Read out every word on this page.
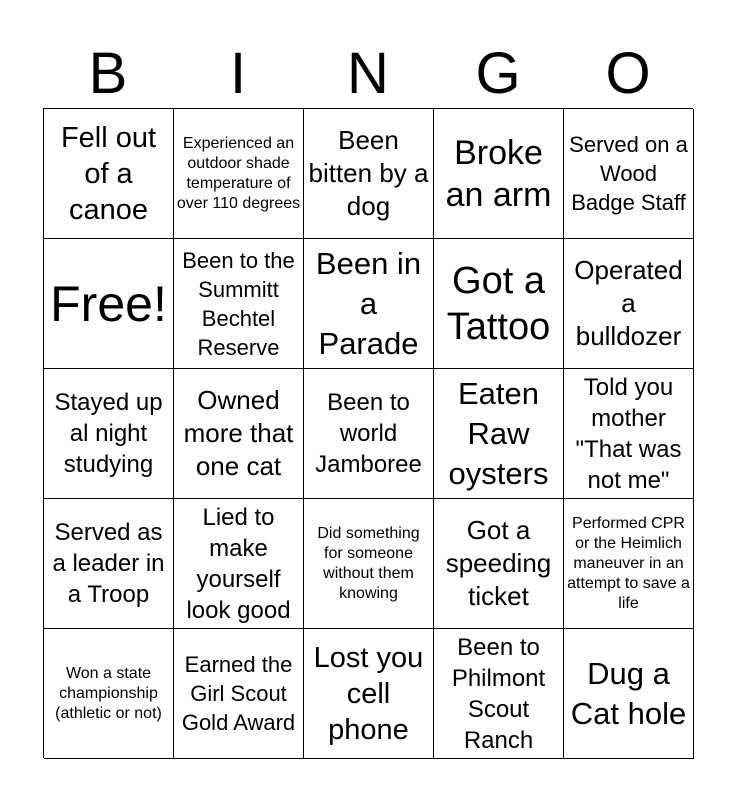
B	I	N	G	O
Fell out of a canoe
Experienced an outdoor shade temperature of over 110 degrees
Been bitten by a dog
Broke an arm
Served on a Wood Badge Staff
Free!
Been to the Summitt Bechtel Reserve
Been in a Parade
Got a Tattoo
Operated a bulldozer
Stayed up al night studying
Owned more that one cat
Been to world Jamboree
Eaten Raw oysters
Told you mother "That was not me"
Served as a leader in a Troop
Lied to make yourself look good
Did something for someone without them knowing
Got a speeding ticket
Performed CPR or the Heimlich maneuver in an attempt to save a life
Won a state championship (athletic or not)
Earned the Girl Scout Gold Award
Lost you cell phone
Been to Philmont Scout Ranch
Dug a Cat hole
